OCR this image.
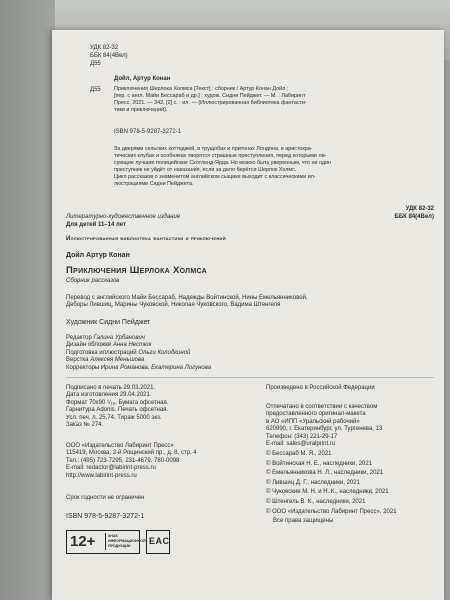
УДК 82-32
ББК 84(4Вел)
Д55
Дойл, Артур Конан
Д55 Приключения Шерлока Холмса [Текст] : сборник / Артур Конан Дойл ;
[пер. с англ. Майи Бессараб и др.] ; худож. Сидни Пейджет. — М. : Лабиринт
Пресс, 2021. — 342, [2] с. : ил. — (Иллюстрированная библиотека фантасти-
тики и приключений).
ISBN 978-5-9287-3272-1
За дверями сельских коттеджей, в трущобах и притонах Лондона, в аристокра-
тических клубах и особняках творятся страшные преступления, перед которыми ли-
сующие лучшие полицейские Скотленд-Ярда. Но можно быть уверенным, что ни один
преступник не уйдёт от наказания, если за дело берётся Шерлок Холмс.
Цикл рассказов о знаменитом английском сыщике выходит с классическими ил-
люстрациями Сидни Пейджета.
УДК 82-32
ББК 84(4Вел)
Литературно-художественное издание
Для детей 11–14 лет
Иллюстрированная библиотека фантастики и приключений
Дойл Артур Конан
Приключения Шерлока Холмса
Сборник рассказов
Перевод с английского Майи Бессараб, Надежды Войтинской, Нины Емельянниковой,
Деборы Лившиц, Марины Чуковской, Николая Чуковского, Вадима Штенгеля
Художник Сидни Пейджет
Редактор Галина Урбанович
Дизайн обложки Анна Нестюк
Подготовка иллюстраций Ольги Колодкиной
Верстка Алексея Меньшова
Корректоры Ирина Романова, Екатерина Логунова
Подписано в печать 29.03.2021.
Дата изготовления 29.04.2021.
Формат 70х90 ¹/₁₆. Бумага офсетная.
Гарнитура Adonis. Печать офсетная.
Усл. печ. л. 25,74. Тираж 5000 экз.
Заказ № 274.
Произведено в Российской Федерации
Отпечатано в соответствии с качеством
предоставленного оригинал-макета
в АО «ИПП «Уральский рабочий»
620990, г. Екатеринбург, ул. Тургенева, 13
Телефон: (343) 221-29-17
E-mail: sales@uralprint.ru
ООО «Издательство Лабиринт Пресс»
115419, Москва, 2-й Рощинский пр., д. 8, стр. 4
Тел.: (495) 723-7295, 231-4679, 780-0098
E-mail: redactor@labirint-press.ru
http://www.labirint-press.ru
Срок годности не ограничен
ISBN 978-5-9287-3272-1
12+	ЗНАК
ИНФОРМАЦИОННОЙ
ПРОДУКЦИИ	EAC
© Бессараб М. Я., 2021
© Войтинская Н. Е., наследники, 2021
© Емельянникова Н. Л., наследники, 2021
© Лившиц Д. Г., наследники, 2021
© Чуковские М. Н. и Н. К., наследники, 2021
© Штенгель В. К., наследники, 2021
© ООО «Издательство Лабиринт Пресс», 2021
Все права защищены
